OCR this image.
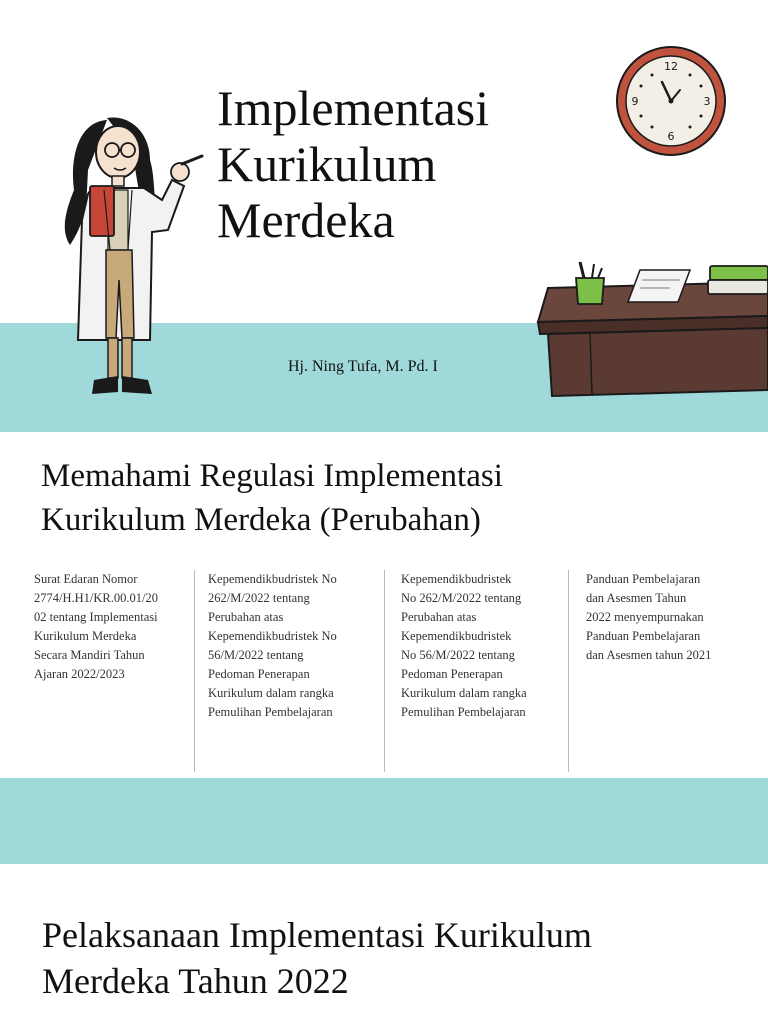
Implementasi
Kurikulum
Merdeka
12
3
6
9
Hj. Ning Tufa, M. Pd. I
Memahami Regulasi Implementasi
Kurikulum Merdeka (Perubahan)
Surat Edaran Nomor
2774/H.H1/KR.00.01/20
02 tentang Implementasi
Kurikulum Merdeka
Secara Mandiri Tahun
Ajaran 2022/2023
Kepemendikbudristek No
262/M/2022 tentang
Perubahan atas
Kepemendikbudristek No
56/M/2022 tentang
Pedoman Penerapan
Kurikulum dalam rangka
Pemulihan Pembelajaran
Kepemendikbudristek
No 262/M/2022 tentang
Perubahan atas
Kepemendikbudristek
No 56/M/2022 tentang
Pedoman Penerapan
Kurikulum dalam rangka
Pemulihan Pembelajaran
Panduan Pembelajaran
dan Asesmen Tahun
2022 menyempurnakan
Panduan Pembelajaran
dan Asesmen tahun 2021
Pelaksanaan Implementasi Kurikulum
Merdeka Tahun 2022
